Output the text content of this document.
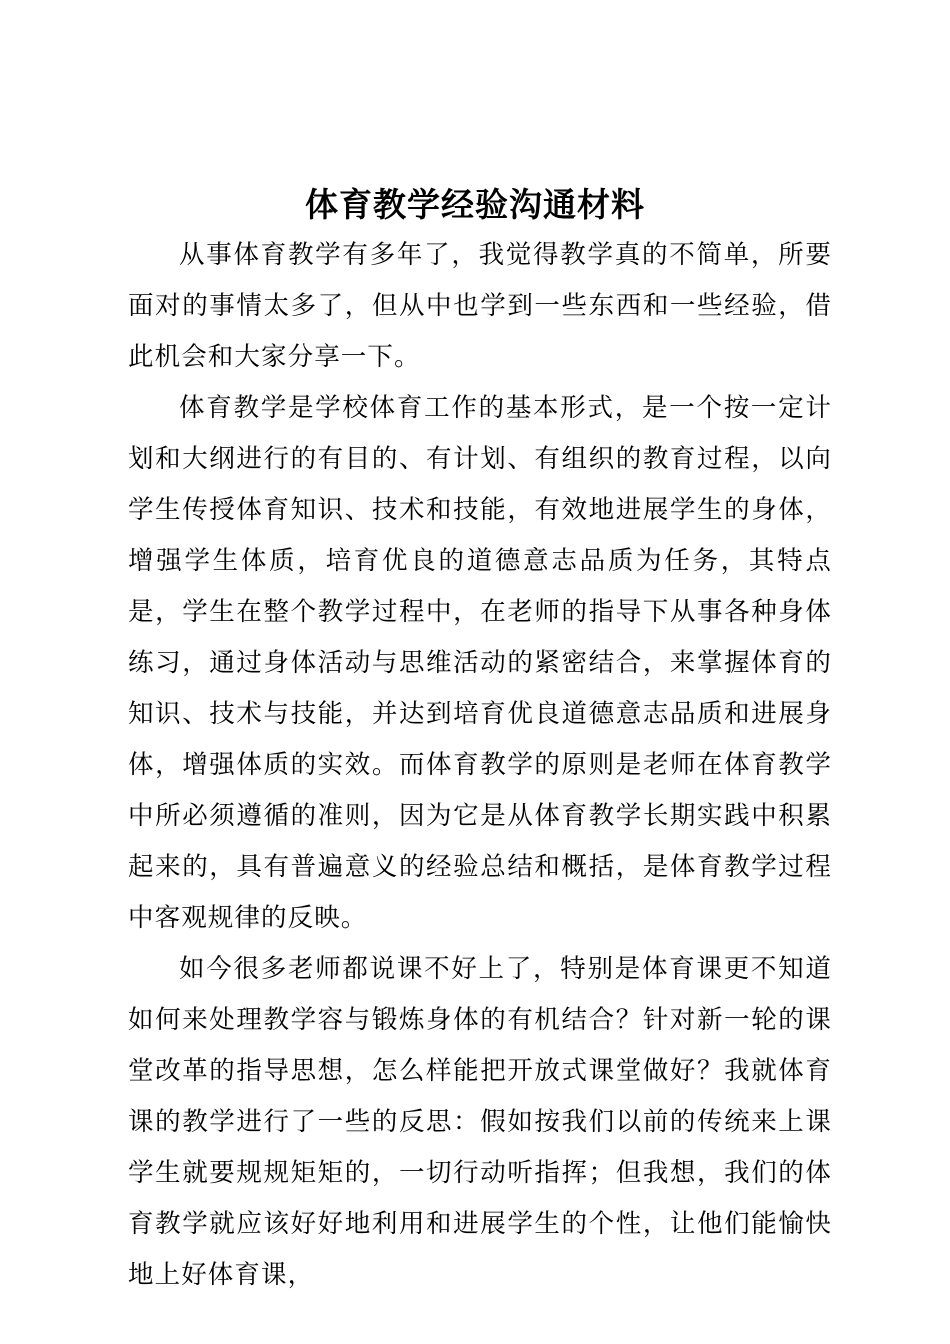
体育教学经验沟通材料

从事体育教学有多年了，我觉得教学真的不简单，所要面对的事情太多了，但从中也学到一些东西和一些经验，借此机会和大家分享一下。

体育教学是学校体育工作的基本形式，是一个按一定计划和大纲进行的有目的、有计划、有组织的教育过程，以向学生传授体育知识、技术和技能，有效地进展学生的身体，增强学生体质，培育优良的道德意志品质为任务，其特点是，学生在整个教学过程中，在老师的指导下从事各种身体练习，通过身体活动与思维活动的紧密结合，来掌握体育的知识、技术与技能，并达到培育优良道德意志品质和进展身体，增强体质的实效。而体育教学的原则是老师在体育教学中所必须遵循的准则，因为它是从体育教学长期实践中积累起来的，具有普遍意义的经验总结和概括，是体育教学过程中客观规律的反映。

如今很多老师都说课不好上了，特别是体育课更不知道如何来处理教学容与锻炼身体的有机结合？针对新一轮的课堂改革的指导思想，怎么样能把开放式课堂做好？我就体育课的教学进行了一些的反思：假如按我们以前的传统来上课学生就要规规矩矩的，一切行动听指挥；但我想，我们的体育教学就应该好好地利用和进展学生的个性，让他们能愉快地上好体育课，
